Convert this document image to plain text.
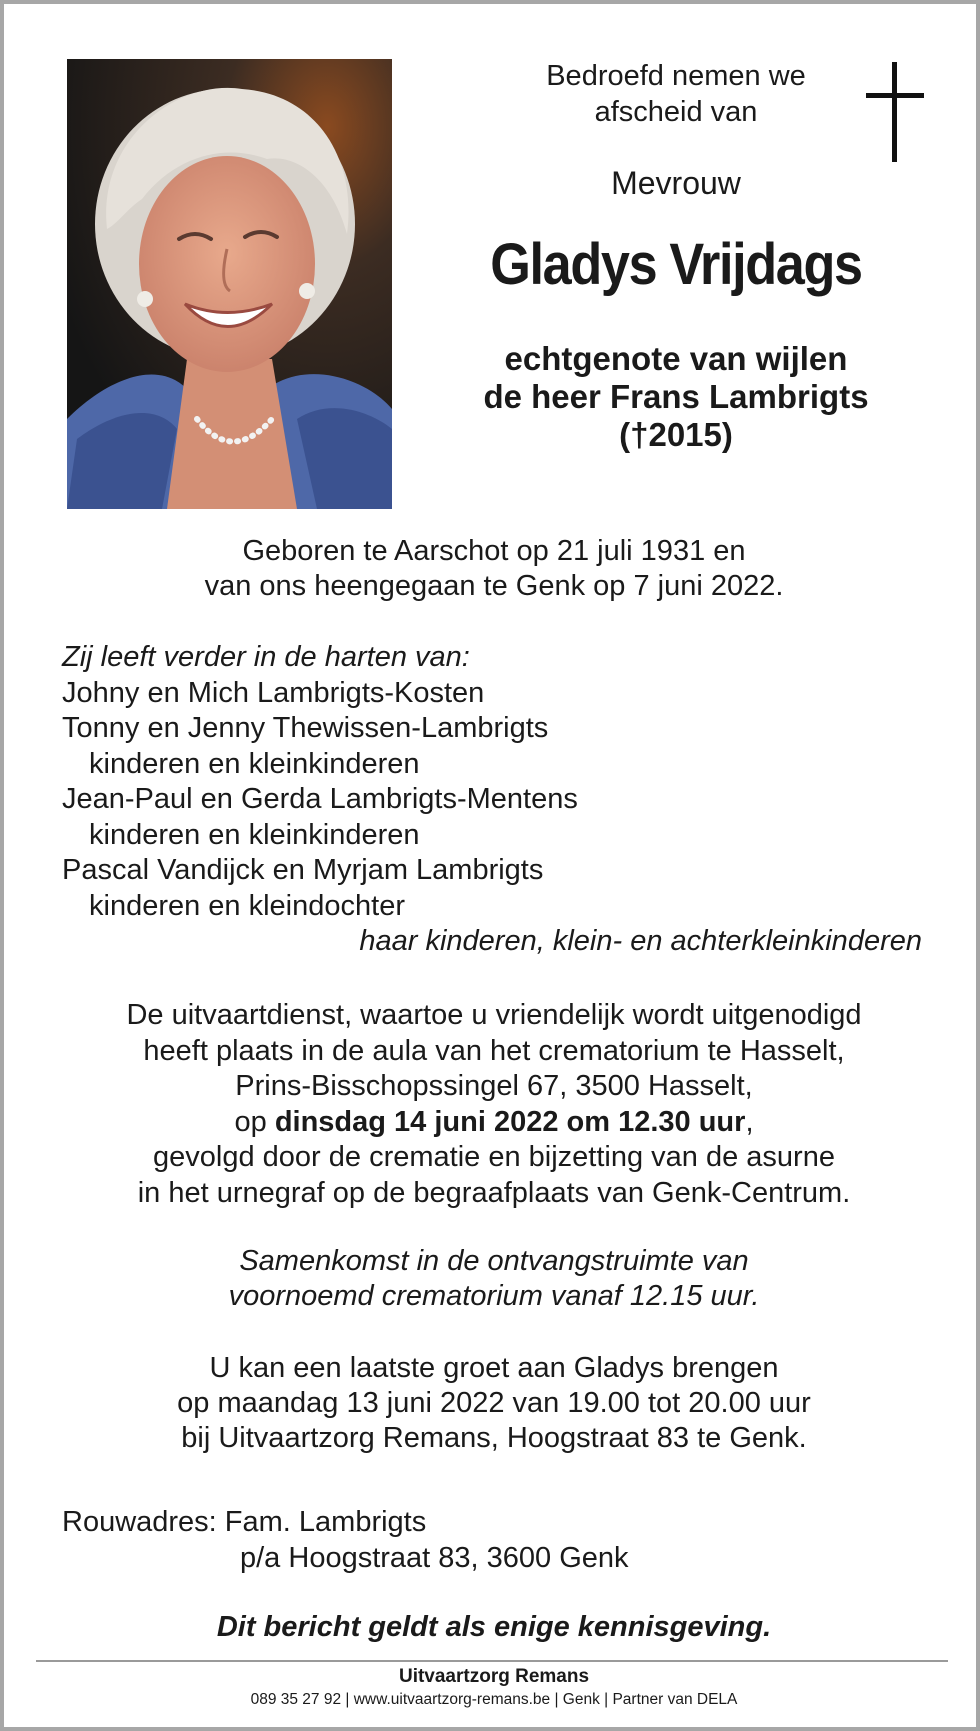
Bedroefd nemen we
afscheid van
Mevrouw
Gladys Vrijdags
echtgenote van wijlen
de heer Frans Lambrigts
(†2015)
Geboren te Aarschot op 21 juli 1931 en
van ons heengegaan te Genk op 7 juni 2022.
Zij leeft verder in de harten van:
Johny en Mich Lambrigts-Kosten
Tonny en Jenny Thewissen-Lambrigts
kinderen en kleinkinderen
Jean-Paul en Gerda Lambrigts-Mentens
kinderen en kleinkinderen
Pascal Vandijck en Myrjam Lambrigts
kinderen en kleindochter
haar kinderen, klein- en achterkleinkinderen
De uitvaartdienst, waartoe u vriendelijk wordt uitgenodigd
heeft plaats in de aula van het crematorium te Hasselt,
Prins-Bisschopssingel 67, 3500 Hasselt,
op dinsdag 14 juni 2022 om 12.30 uur,
gevolgd door de crematie en bijzetting van de asurne
in het urnegraf op de begraafplaats van Genk-Centrum.
Samenkomst in de ontvangstruimte van
voornoemd crematorium vanaf 12.15 uur.
U kan een laatste groet aan Gladys brengen
op maandag 13 juni 2022 van 19.00 tot 20.00 uur
bij Uitvaartzorg Remans, Hoogstraat 83 te Genk.
Rouwadres: Fam. Lambrigts
p/a Hoogstraat 83, 3600 Genk
Dit bericht geldt als enige kennisgeving.
Uitvaartzorg Remans
089 35 27 92 | www.uitvaartzorg-remans.be | Genk | Partner van DELA
